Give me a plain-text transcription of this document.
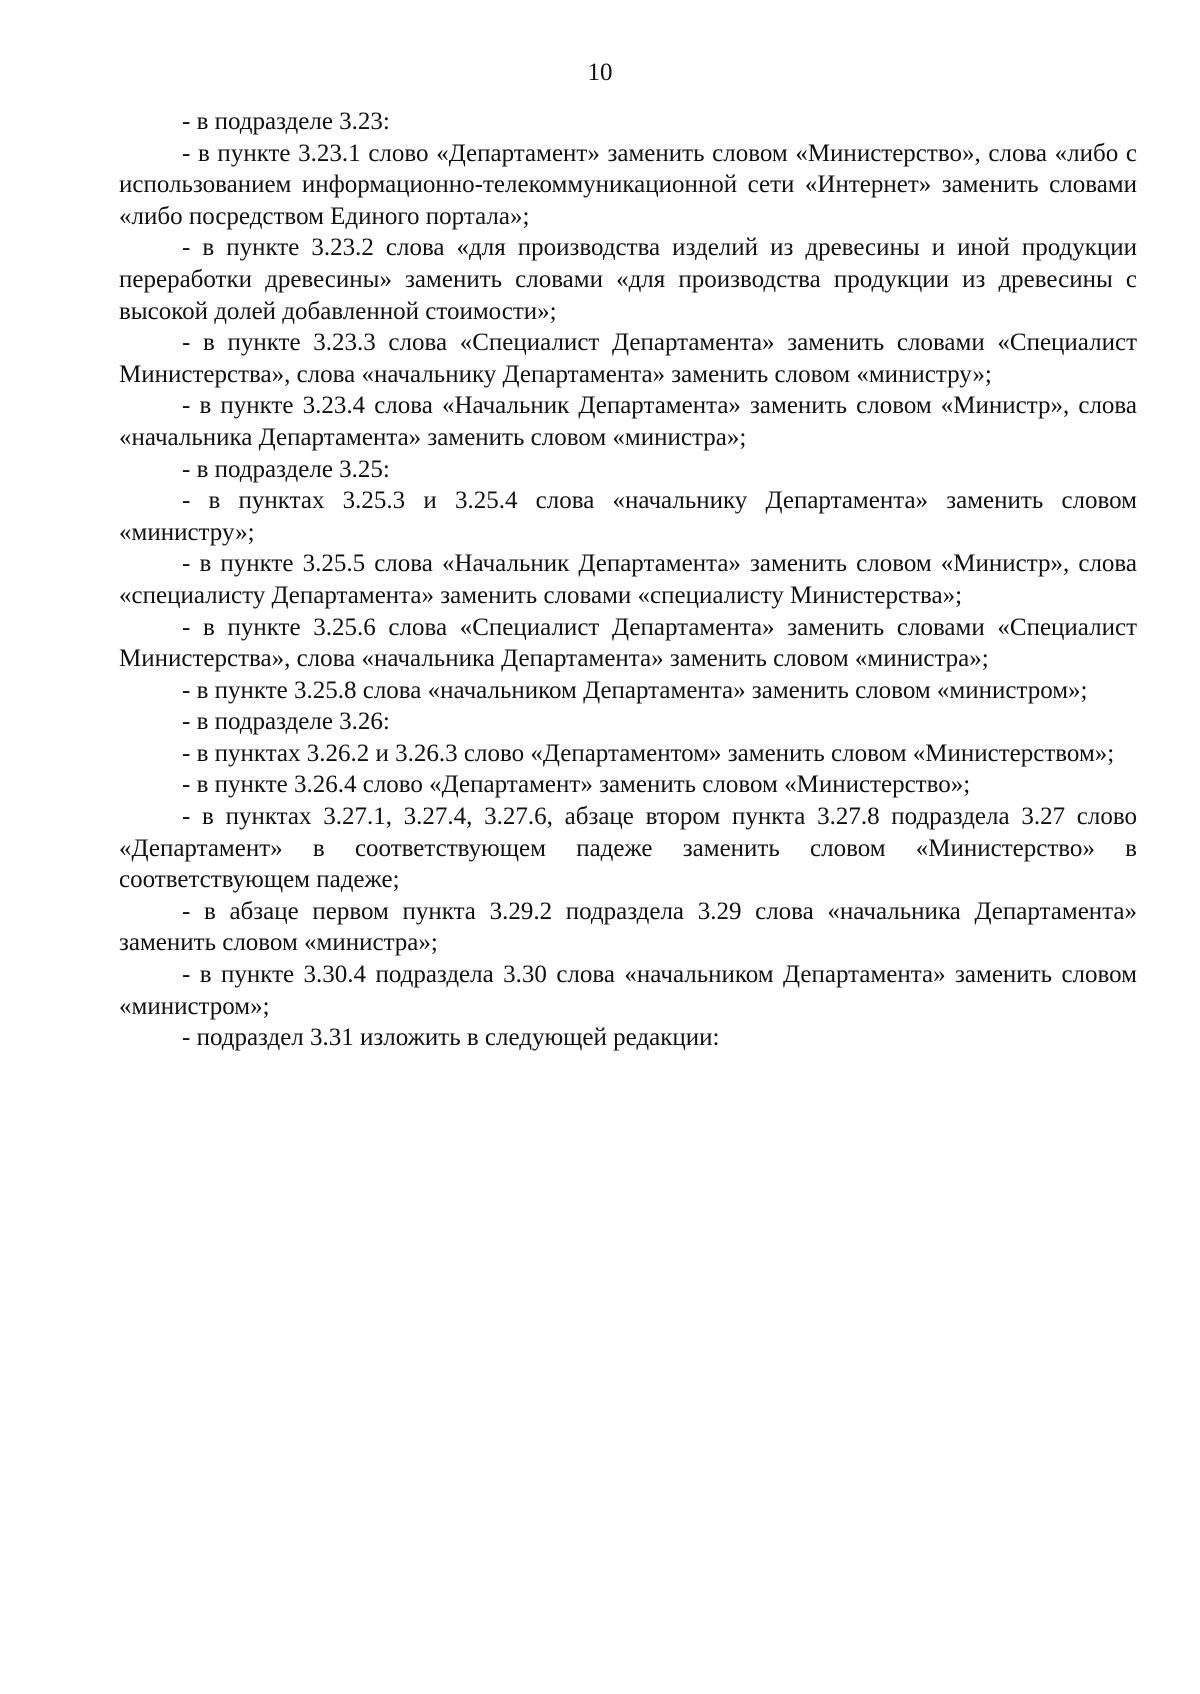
10

- в подразделе 3.23:

- в пункте 3.23.1 слово «Департамент» заменить словом «Министерство», слова «либо с использованием информационно-телекоммуникационной сети «Интернет» заменить словами «либо посредством Единого портала»;

- в пункте 3.23.2 слова «для производства изделий из древесины и иной продукции переработки древесины» заменить словами «для производства продукции из древесины с высокой долей добавленной стоимости»;

- в пункте 3.23.3 слова «Специалист Департамента» заменить словами «Специалист Министерства», слова «начальнику Департамента» заменить словом «министру»;

- в пункте 3.23.4 слова «Начальник Департамента» заменить словом «Министр», слова «начальника Департамента» заменить словом «министра»;

- в подразделе 3.25:

- в пунктах 3.25.3 и 3.25.4 слова «начальнику Департамента» заменить словом «министру»;

- в пункте 3.25.5 слова «Начальник Департамента» заменить словом «Министр», слова «специалисту Департамента» заменить словами «специалисту Министерства»;

- в пункте 3.25.6 слова «Специалист Департамента» заменить словами «Специалист Министерства», слова «начальника Департамента» заменить словом «министра»;

- в пункте 3.25.8 слова «начальником Департамента» заменить словом «министром»;

- в подразделе 3.26:

- в пунктах 3.26.2 и 3.26.3 слово «Департаментом» заменить словом «Министерством»;

- в пункте 3.26.4 слово «Департамент» заменить словом «Министерство»;

- в пунктах 3.27.1, 3.27.4, 3.27.6, абзаце втором пункта 3.27.8 подраздела 3.27 слово «Департамент» в соответствующем падеже заменить словом «Министерство» в соответствующем падеже;

- в абзаце первом пункта 3.29.2 подраздела 3.29 слова «начальника Департамента» заменить словом «министра»;

- в пункте 3.30.4 подраздела 3.30 слова «начальником Департамента» заменить словом «министром»;

- подраздел 3.31 изложить в следующей редакции:
